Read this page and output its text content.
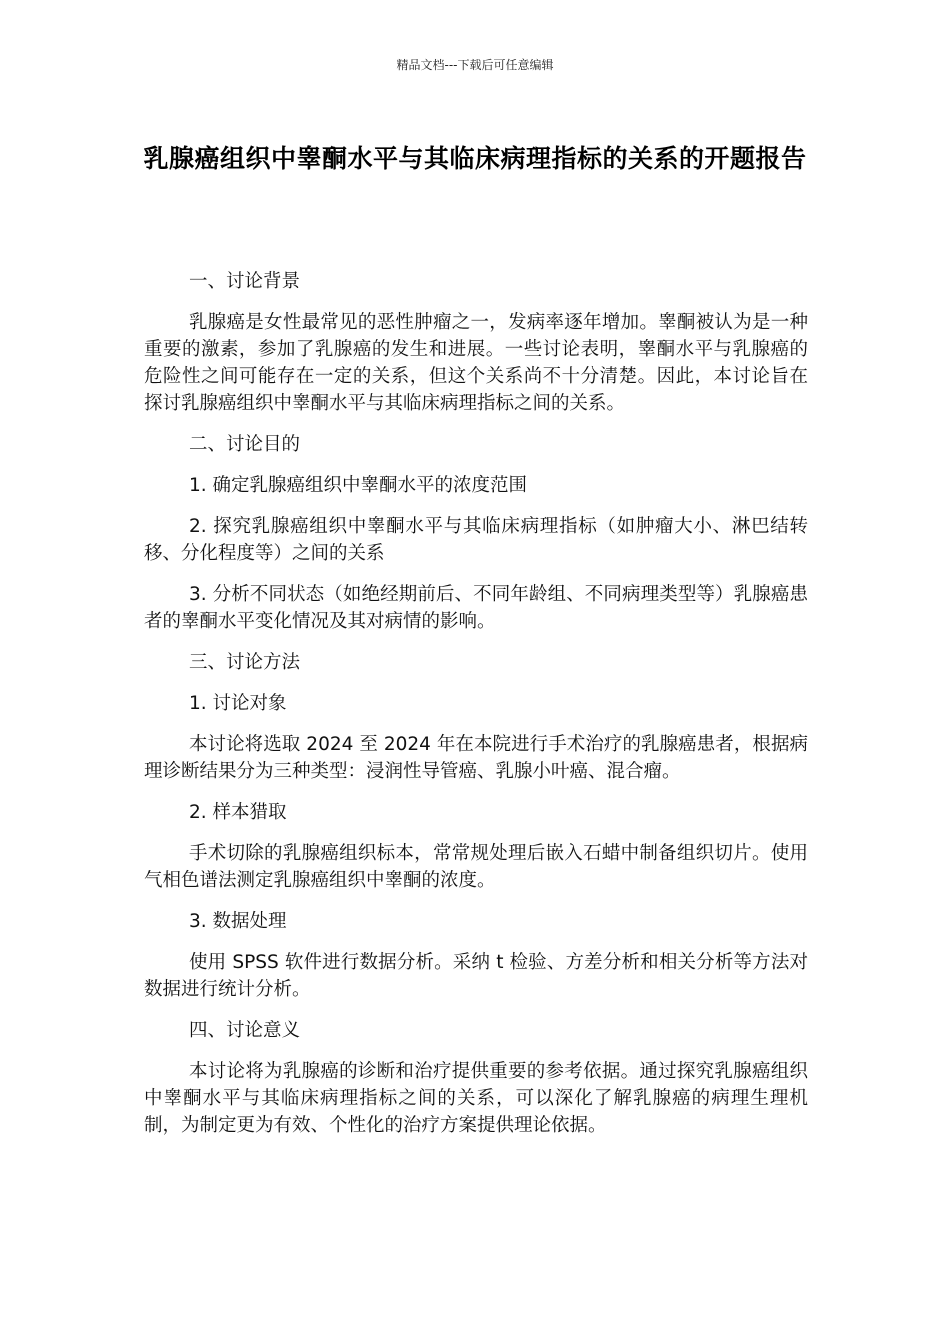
精品文档---下载后可任意编辑
乳腺癌组织中睾酮水平与其临床病理指标的关系的开题报告

一、讨论背景

乳腺癌是女性最常见的恶性肿瘤之一，发病率逐年增加。睾酮被认为是一种重要的激素，参加了乳腺癌的发生和进展。一些讨论表明，睾酮水平与乳腺癌的危险性之间可能存在一定的关系，但这个关系尚不十分清楚。因此，本讨论旨在探讨乳腺癌组织中睾酮水平与其临床病理指标之间的关系。

二、讨论目的

1. 确定乳腺癌组织中睾酮水平的浓度范围

2. 探究乳腺癌组织中睾酮水平与其临床病理指标（如肿瘤大小、淋巴结转移、分化程度等）之间的关系

3. 分析不同状态（如绝经期前后、不同年龄组、不同病理类型等）乳腺癌患者的睾酮水平变化情况及其对病情的影响。

三、讨论方法

1. 讨论对象

本讨论将选取 2024 至 2024 年在本院进行手术治疗的乳腺癌患者，根据病理诊断结果分为三种类型：浸润性导管癌、乳腺小叶癌、混合瘤。

2. 样本猎取

手术切除的乳腺癌组织标本，常常规处理后嵌入石蜡中制备组织切片。使用气相色谱法测定乳腺癌组织中睾酮的浓度。

3. 数据处理

使用 SPSS 软件进行数据分析。采纳 t 检验、方差分析和相关分析等方法对数据进行统计分析。

四、讨论意义

本讨论将为乳腺癌的诊断和治疗提供重要的参考依据。通过探究乳腺癌组织中睾酮水平与其临床病理指标之间的关系，可以深化了解乳腺癌的病理生理机制，为制定更为有效、个性化的治疗方案提供理论依据。
